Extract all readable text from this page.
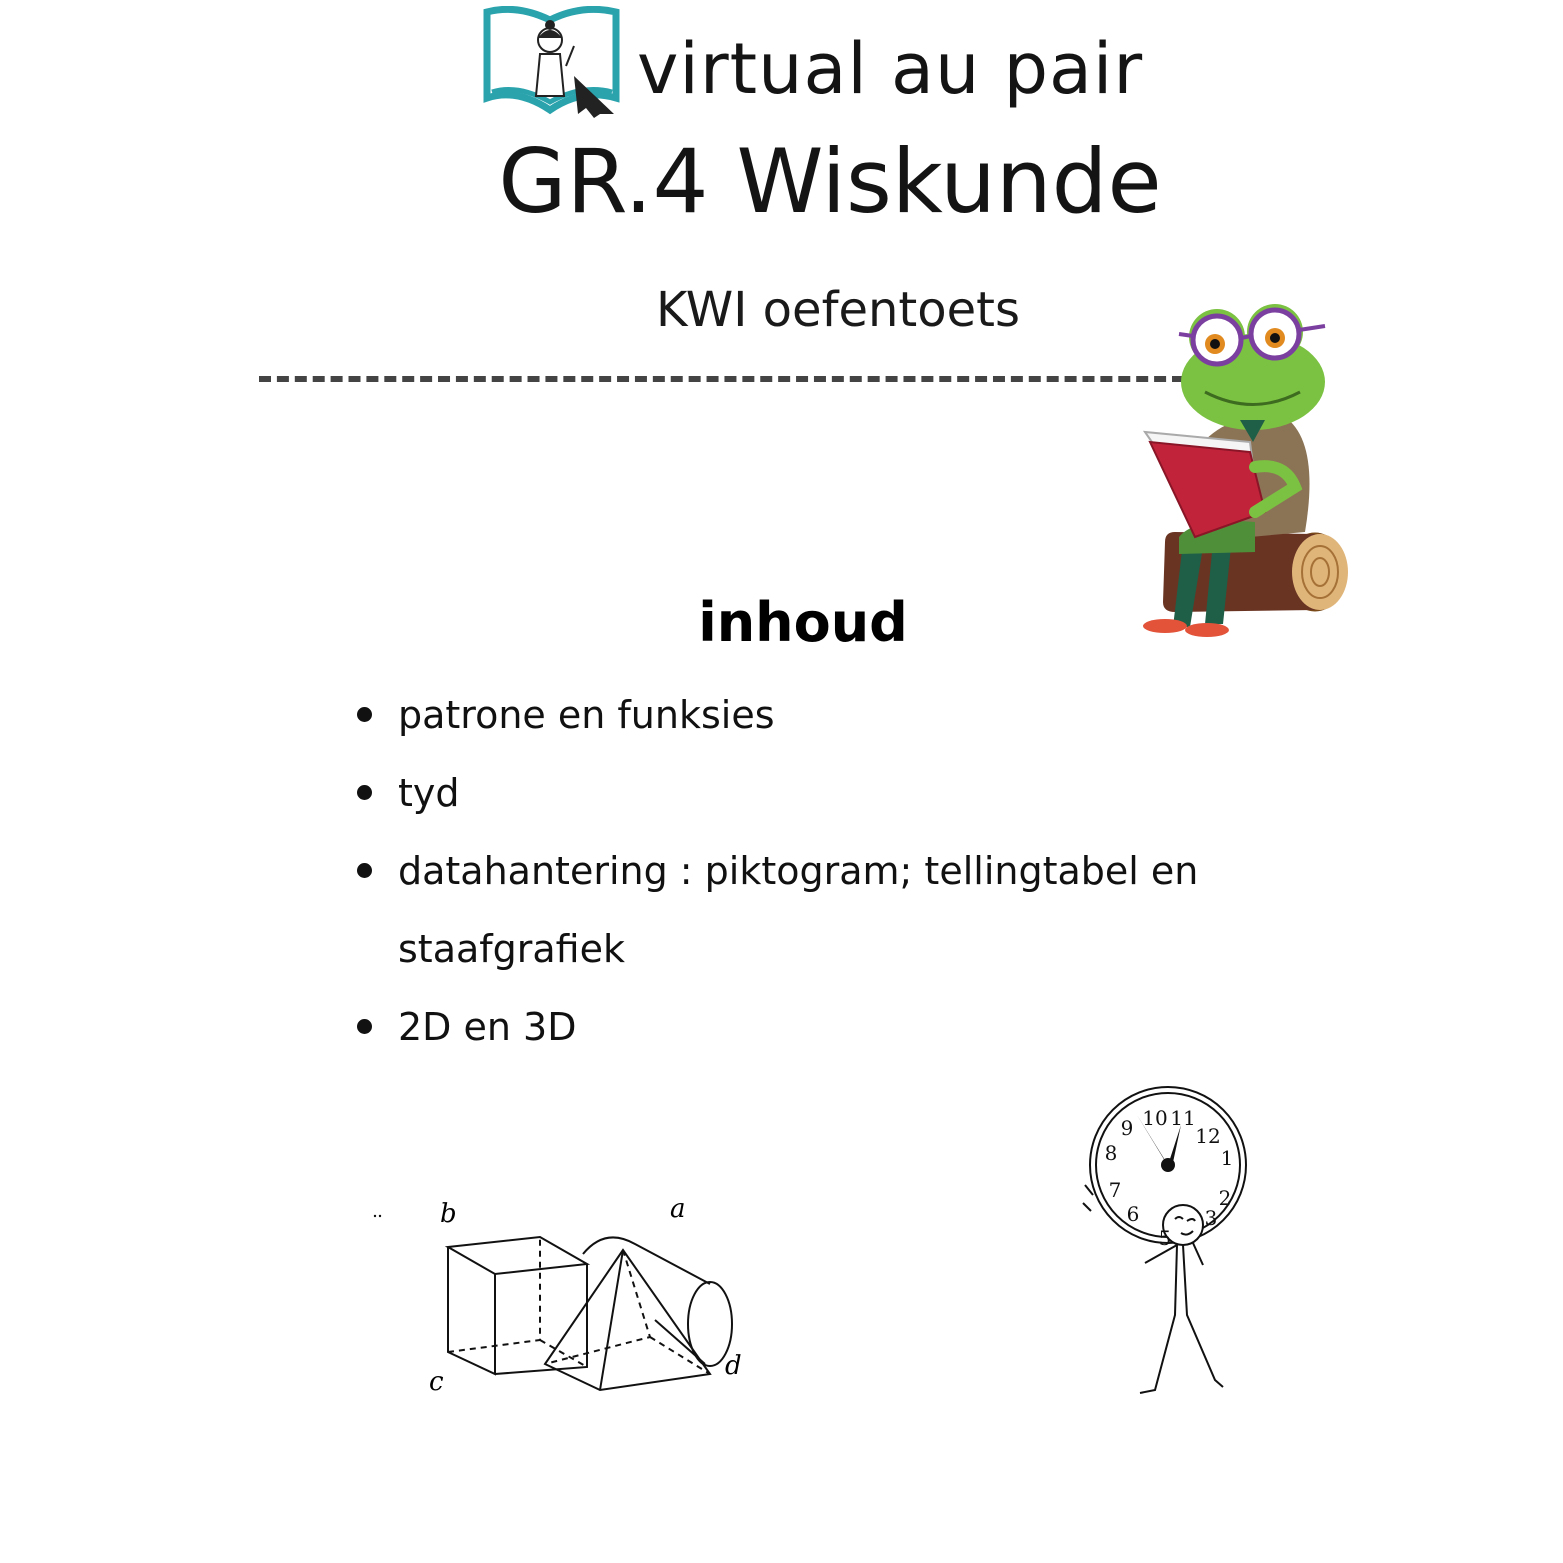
virtual au pair
GR.4 Wiskunde
KWI oefentoets
inhoud
patrone en funksies
tyd
datahantering : piktogram; tellingtabel en staafgrafiek
2D en 3D
b	a
c
d
12
1
2
3
5
6
7
8
9 10 11
